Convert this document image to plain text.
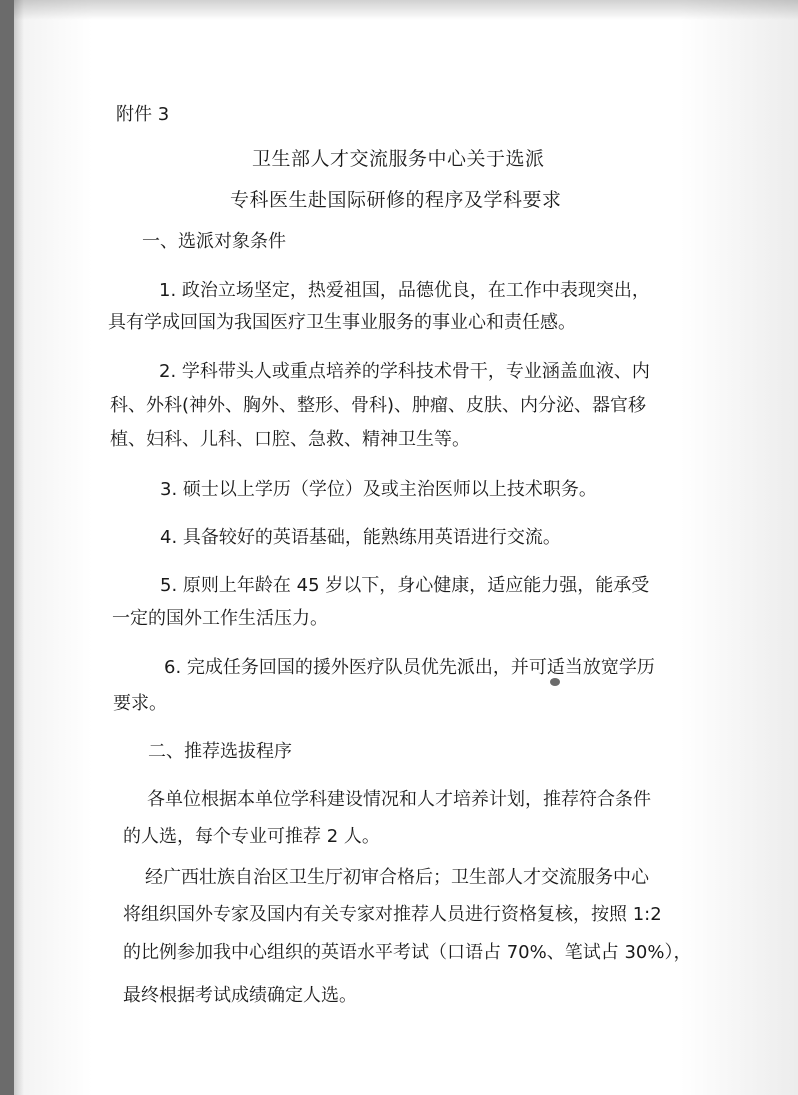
附件 3

卫生部人才交流服务中心关于选派

专科医生赴国际研修的程序及学科要求

一、选派对象条件

1. 政治立场坚定，热爱祖国，品德优良，在工作中表现突出，

具有学成回国为我国医疗卫生事业服务的事业心和责任感。

2. 学科带头人或重点培养的学科技术骨干，专业涵盖血液、内

科、外科(神外、胸外、整形、骨科)、肿瘤、皮肤、内分泌、器官移

植、妇科、儿科、口腔、急救、精神卫生等。

3. 硕士以上学历（学位）及或主治医师以上技术职务。

4. 具备较好的英语基础，能熟练用英语进行交流。

5. 原则上年龄在 45 岁以下，身心健康，适应能力强，能承受

一定的国外工作生活压力。

6. 完成任务回国的援外医疗队员优先派出，并可适当放宽学历

要求。

二、推荐选拔程序

各单位根据本单位学科建设情况和人才培养计划，推荐符合条件

的人选，每个专业可推荐 2 人。

经广西壮族自治区卫生厅初审合格后；卫生部人才交流服务中心

将组织国外专家及国内有关专家对推荐人员进行资格复核，按照 1:2

的比例参加我中心组织的英语水平考试（口语占 70%、笔试占 30%），

最终根据考试成绩确定人选。
